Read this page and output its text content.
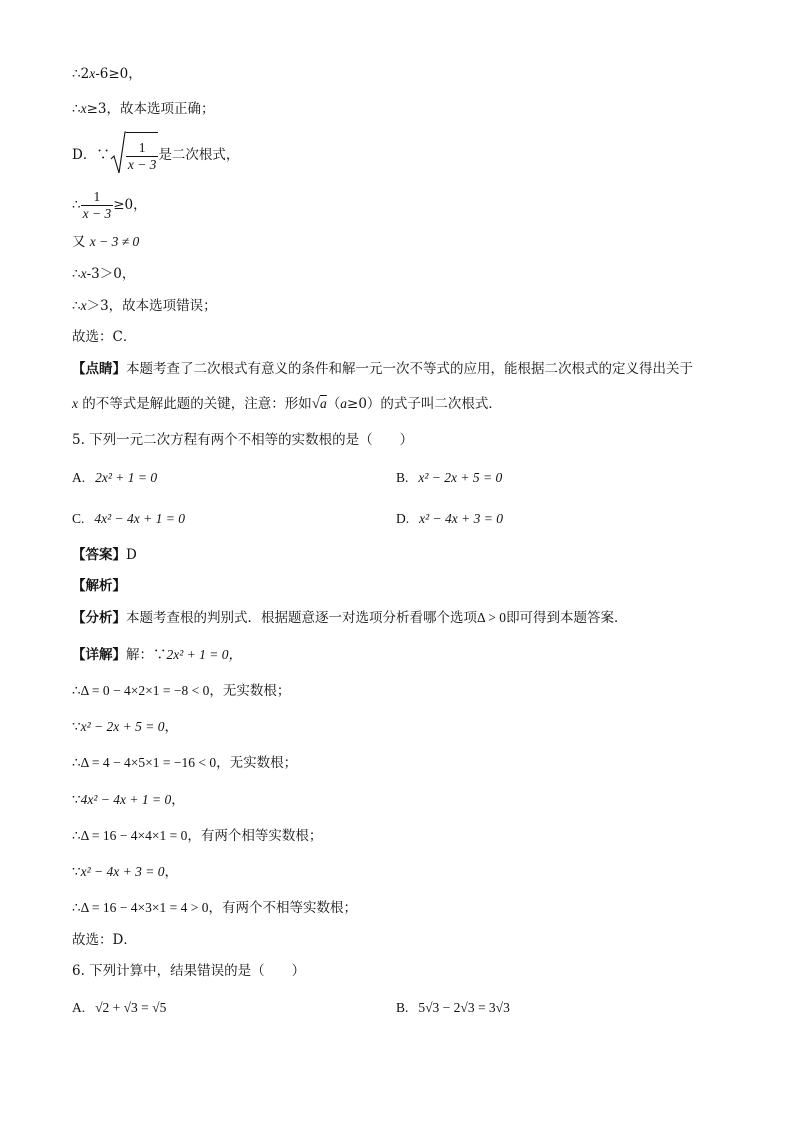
∴2x-6≥0，
∴x≥3，故本选项正确；
D．∵ $\frac{1}{x - 3}$ 是二次根式，
∴ $\frac{1}{x - 3} \ge 0$，
又 x − 3 ≠ 0
∴x-3＞0，
∴x＞3，故本选项错误；
故选：C．
【点睛】本题考查了二次根式有意义的条件和解一元一次不等式的应用，能根据二次根式的定义得出关于
x 的不等式是解此题的关键，注意：形如√a（a≥0）的式子叫二次根式．
5. 下列一元二次方程有两个不相等的实数根的是（　　）
A. 2x² + 1 = 0	B. x² − 2x + 5 = 0
C. 4x² − 4x + 1 = 0	D. x² − 4x + 3 = 0
【答案】D
【解析】
【分析】本题考查根的判别式．根据题意逐一对选项分析看哪个选项Δ > 0即可得到本题答案．
【详解】解：∵2x² + 1 = 0，
∴Δ = 0 − 4×2×1 = −8 < 0，无实数根；
∵x² − 2x + 5 = 0，
∴Δ = 4 − 4×5×1 = −16 < 0，无实数根；
∵4x² − 4x + 1 = 0，
∴Δ = 16 − 4×4×1 = 0，有两个相等实数根；
∵x² − 4x + 3 = 0，
∴Δ = 16 − 4×3×1 = 4 > 0，有两个不相等实数根；
故选：D．
6. 下列计算中，结果错误的是（　　）
A. √2 + √3 = √5	B. 5√3 − 2√3 = 3√3
